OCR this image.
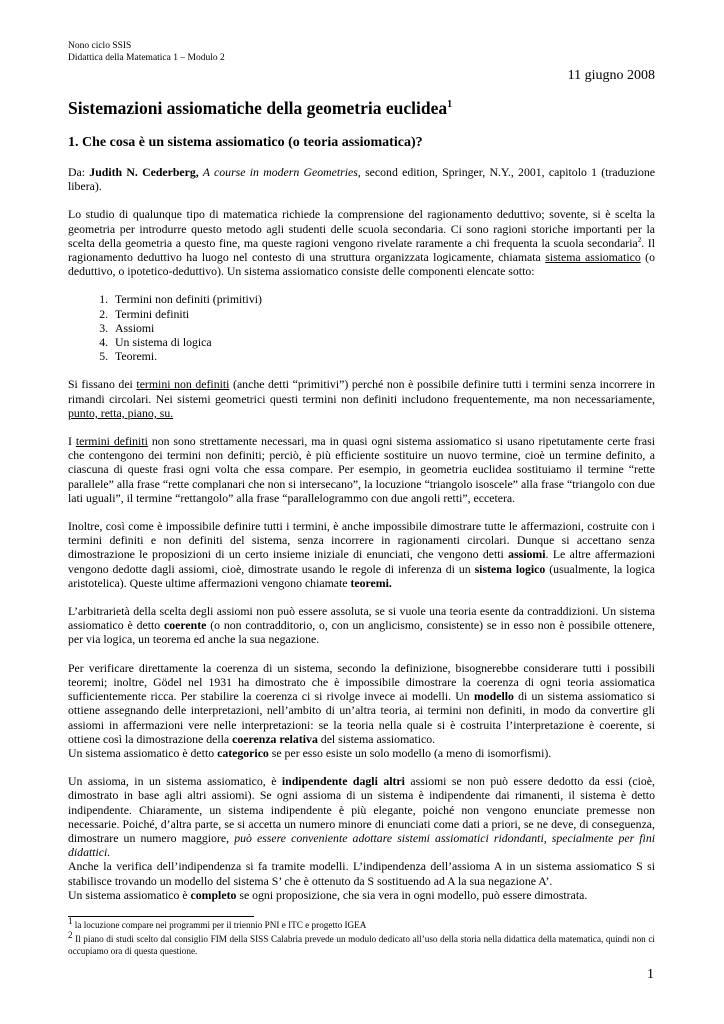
Nono ciclo SSIS
Didattica della Matematica 1 – Modulo 2
11 giugno 2008
Sistemazioni assiomatiche della geometria euclidea$^1$
1. Che cosa è un sistema assiomatico (o teoria assiomatica)?

Da: Judith N. Cederberg, A course in modern Geometries, second edition, Springer, N.Y., 2001, capitolo 1 (traduzione libera).

Lo studio di qualunque tipo di matematica richiede la comprensione del ragionamento deduttivo; sovente, si è scelta la geometria per introdurre questo metodo agli studenti delle scuola secondaria. Ci sono ragioni storiche importanti per la scelta della geometria a questo fine, ma queste ragioni vengono rivelate raramente a chi frequenta la scuola secondaria$^2$. Il ragionamento deduttivo ha luogo nel contesto di una struttura organizzata logicamente, chiamata sistema assiomatico (o deduttivo, o ipotetico-deduttivo). Un sistema assiomatico consiste delle componenti elencate sotto:

1. Termini non definiti (primitivi)
2. Termini definiti
3. Assiomi
4. Un sistema di logica
5. Teoremi.

Si fissano dei termini non definiti (anche detti “primitivi”) perché non è possibile definire tutti i termini senza incorrere in rimandi circolari. Nei sistemi geometrici questi termini non definiti includono frequentemente, ma non necessariamente, punto, retta, piano, su.

I termini definiti non sono strettamente necessari, ma in quasi ogni sistema assiomatico si usano ripetutamente certe frasi che contengono dei termini non definiti; perciò, è più efficiente sostituire un nuovo termine, cioè un termine definito, a ciascuna di queste frasi ogni volta che essa compare. Per esempio, in geometria euclidea sostituiamo il termine “rette parallele” alla frase “rette complanari che non si intersecano”, la locuzione “triangolo isoscele” alla frase “triangolo con due lati uguali”, il termine “rettangolo” alla frase “parallelogrammo con due angoli retti”, eccetera.

Inoltre, così come è impossibile definire tutti i termini, è anche impossibile dimostrare tutte le affermazioni, costruite con i termini definiti e non definiti del sistema, senza incorrere in ragionamenti circolari. Dunque si accettano senza dimostrazione le proposizioni di un certo insieme iniziale di enunciati, che vengono detti assiomi. Le altre affermazioni vengono dedotte dagli assiomi, cioè, dimostrate usando le regole di inferenza di un sistema logico (usualmente, la logica aristotelica). Queste ultime affermazioni vengono chiamate teoremi.

L’arbitrarietà della scelta degli assiomi non può essere assoluta, se si vuole una teoria esente da contraddizioni. Un sistema assiomatico è detto coerente (o non contradditorio, o, con un anglicismo, consistente) se in esso non è possibile ottenere, per via logica, un teorema ed anche la sua negazione.

Per verificare direttamente la coerenza di un sistema, secondo la definizione, bisognerebbe considerare tutti i possibili teoremi; inoltre, Gödel nel 1931 ha dimostrato che è impossibile dimostrare la coerenza di ogni teoria assiomatica sufficientemente ricca. Per stabilire la coerenza ci si rivolge invece ai modelli. Un modello di un sistema assiomatico si ottiene assegnando delle interpretazioni, nell’ambito di un’altra teoria, ai termini non definiti, in modo da convertire gli assiomi in affermazioni vere nelle interpretazioni: se la teoria nella quale si è costruita l’interpretazione è coerente, si ottiene così la dimostrazione della coerenza relativa del sistema assiomatico.
Un sistema assiomatico è detto categorico se per esso esiste un solo modello (a meno di isomorfismi).

Un assioma, in un sistema assiomatico, è indipendente dagli altri assiomi se non può essere dedotto da essi (cioè, dimostrato in base agli altri assiomi). Se ogni assioma di un sistema è indipendente dai rimanenti, il sistema è detto indipendente. Chiaramente, un sistema indipendente è più elegante, poiché non vengono enunciate premesse non necessarie. Poiché, d’altra parte, se si accetta un numero minore di enunciati come dati a priori, se ne deve, di conseguenza, dimostrare un numero maggiore, può essere conveniente adottare sistemi assiomatici ridondanti, specialmente per fini didattici.
Anche la verifica dell’indipendenza si fa tramite modelli. L’indipendenza dell’assioma A in un sistema assiomatico S si stabilisce trovando un modello del sistema S’ che è ottenuto da S sostituendo ad A la sua negazione A’.
Un sistema assiomatico è completo se ogni proposizione, che sia vera in ogni modello, può essere dimostrata.

$^1$ la locuzione compare nei programmi per il triennio PNI e ITC e progetto IGEA
$^2$ Il piano di studi scelto dal consiglio FIM della SISS Calabria prevede un modulo dedicato all’uso della storia nella didattica della matematica, quindi non ci occupiamo ora di questa questione.
1
